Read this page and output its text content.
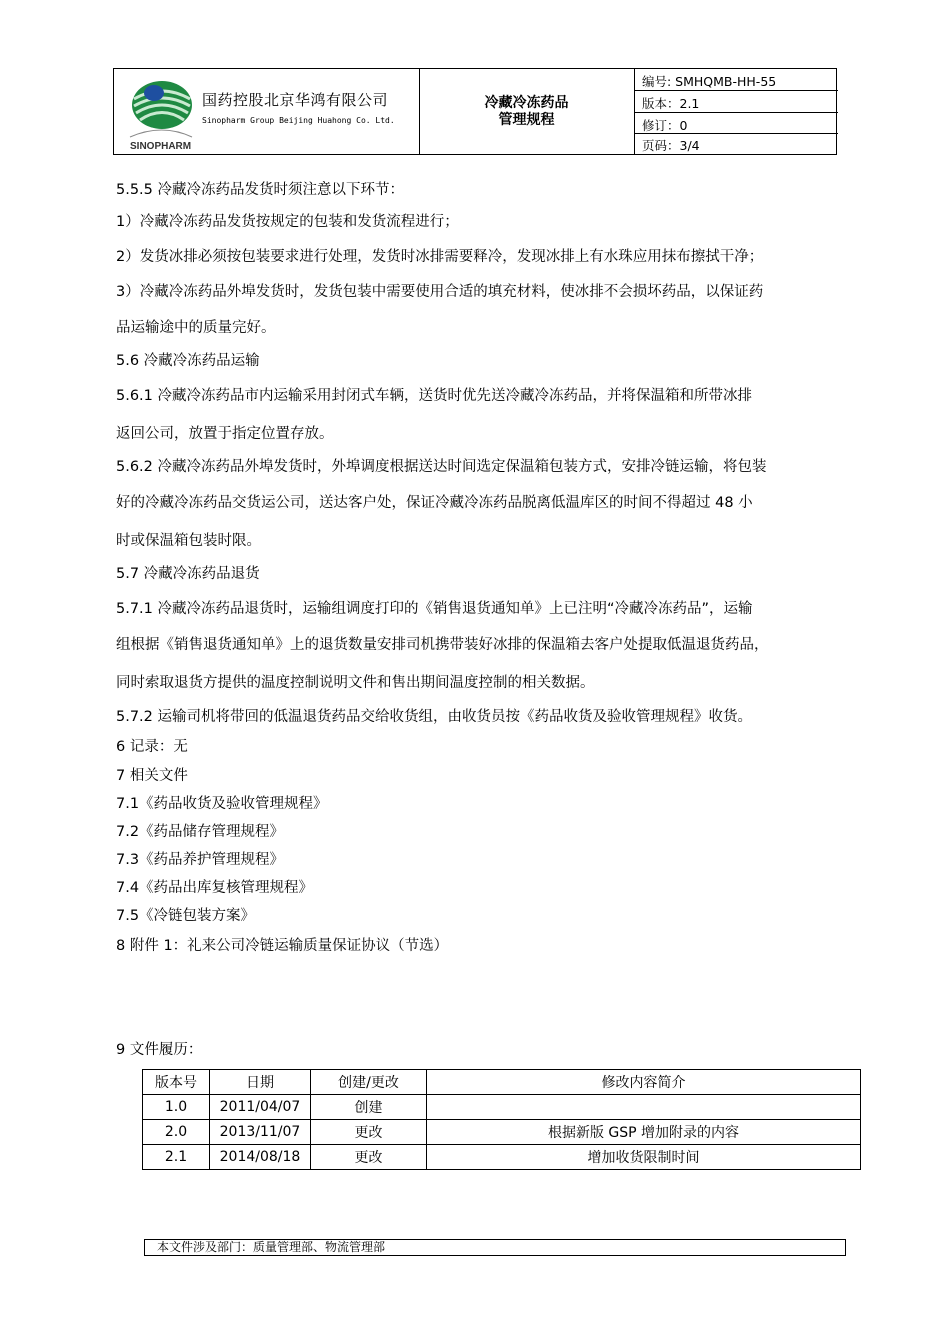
SINOPHARM
国药控股北京华鸿有限公司
Sinopharm Group Beijing Huahong Co. Ltd.
冷藏冷冻药品
管理规程
编号: SMHQMB-HH-55
版本：2.1
修订：0
页码：3/4
5.5.5 冷藏冷冻药品发货时须注意以下环节：
1）冷藏冷冻药品发货按规定的包装和发货流程进行；
2）发货冰排必须按包装要求进行处理，发货时冰排需要释冷，发现冰排上有水珠应用抹布擦拭干净；
3）冷藏冷冻药品外埠发货时，发货包装中需要使用合适的填充材料，使冰排不会损坏药品，以保证药
品运输途中的质量完好。
5.6 冷藏冷冻药品运输
5.6.1 冷藏冷冻药品市内运输采用封闭式车辆，送货时优先送冷藏冷冻药品，并将保温箱和所带冰排
返回公司，放置于指定位置存放。
5.6.2 冷藏冷冻药品外埠发货时，外埠调度根据送达时间选定保温箱包装方式，安排冷链运输，将包装
好的冷藏冷冻药品交货运公司，送达客户处，保证冷藏冷冻药品脱离低温库区的时间不得超过 48 小
时或保温箱包装时限。
5.7 冷藏冷冻药品退货
5.7.1 冷藏冷冻药品退货时，运输组调度打印的《销售退货通知单》上已注明“冷藏冷冻药品”，运输
组根据《销售退货通知单》上的退货数量安排司机携带装好冰排的保温箱去客户处提取低温退货药品，
同时索取退货方提供的温度控制说明文件和售出期间温度控制的相关数据。
5.7.2 运输司机将带回的低温退货药品交给收货组，由收货员按《药品收货及验收管理规程》收货。
6 记录：无
7 相关文件
7.1《药品收货及验收管理规程》
7.2《药品储存管理规程》
7.3《药品养护管理规程》
7.4《药品出库复核管理规程》
7.5《冷链包装方案》
8 附件 1：礼来公司冷链运输质量保证协议（节选）
9 文件履历：
版本号	日期	创建/更改	修改内容简介
1.0	2011/04/07	创建	
2.0	2013/11/07	更改	根据新版 GSP 增加附录的内容
2.1	2014/08/18	更改	增加收货限制时间
本文件涉及部门：质量管理部、物流管理部
